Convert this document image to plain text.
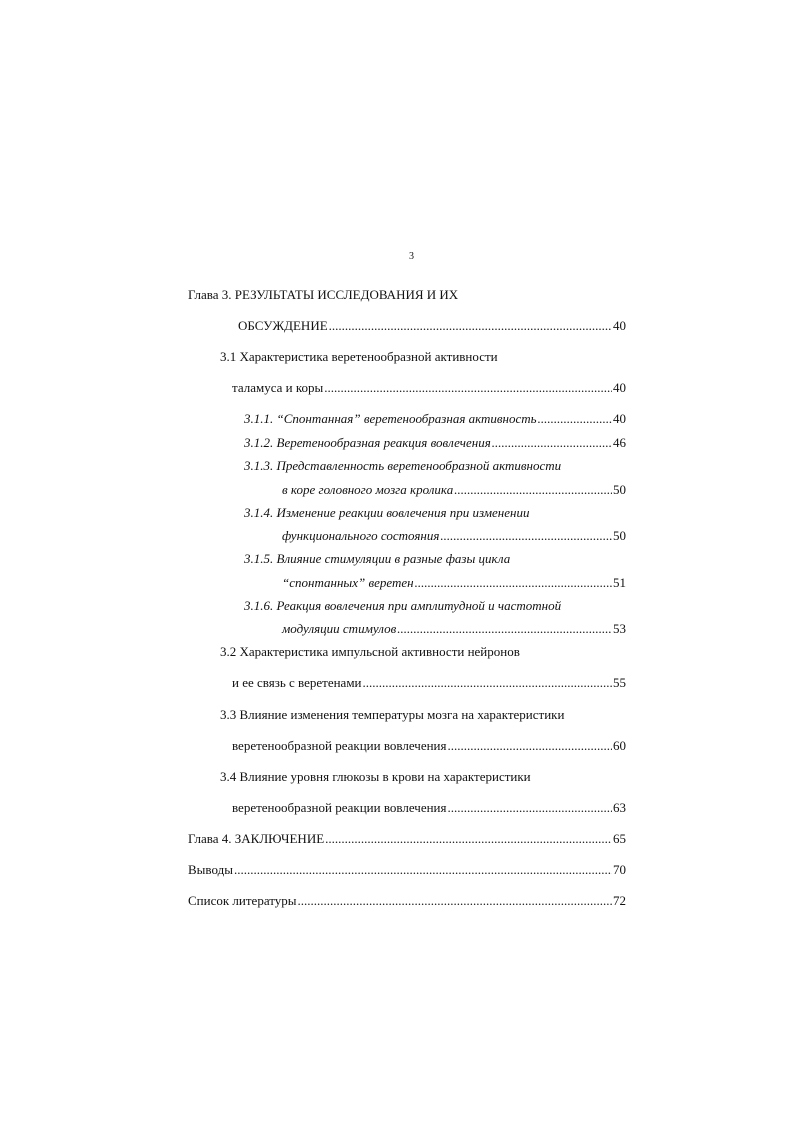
3
Глава 3. РЕЗУЛЬТАТЫ ИССЛЕДОВАНИЯ И ИХ
ОБСУЖДЕНИЕ .....	40
3.1 Характеристика веретенообразной активности
таламуса и коры .....	40
3.1.1. “Спонтанная” веретенообразная активность .....	40
3.1.2. Веретенообразная реакция вовлечения .....	46
3.1.3. Представленность веретенообразной активности
в коре головного мозга кролика .....	50
3.1.4. Изменение реакции вовлечения при изменении
функционального состояния .....	50
3.1.5. Влияние стимуляции в разные фазы цикла
“спонтанных” веретен .....	51
3.1.6. Реакция вовлечения при амплитудной и частотной
модуляции стимулов .....	53
3.2 Характеристика импульсной активности нейронов
и ее связь с веретенами .....	55
3.3 Влияние изменения температуры мозга на характеристики
веретенообразной реакции вовлечения .....	60
3.4 Влияние уровня глюкозы в крови на характеристики
веретенообразной реакции вовлечения .....	63
Глава 4. ЗАКЛЮЧЕНИЕ .....	65
Выводы .....	70
Список литературы .....	72
